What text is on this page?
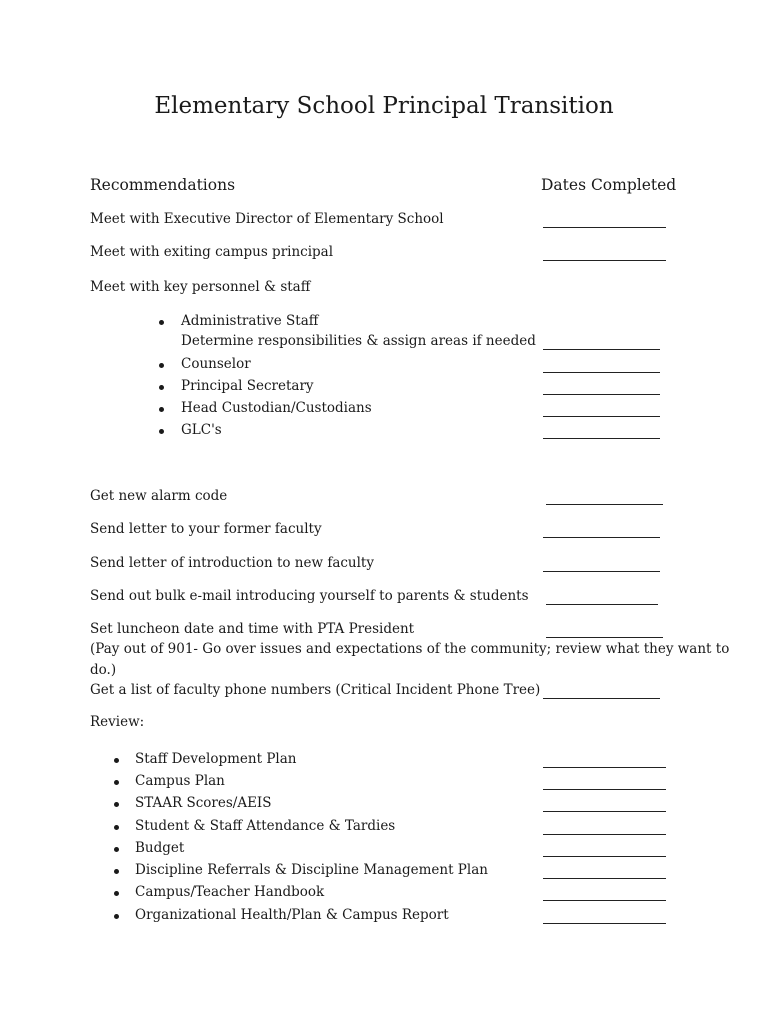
Elementary School Principal Transition
Recommendations	Dates Completed
Meet with Executive Director of Elementary School
Meet with exiting campus principal
Meet with key personnel & staff
Administrative Staff
Determine responsibilities & assign areas if needed
Counselor
Principal Secretary
Head Custodian/Custodians
GLC's
Get new alarm code
Send letter to your former faculty
Send letter of introduction to new faculty
Send out bulk e-mail introducing yourself to parents & students
Set luncheon date and time with PTA President
(Pay out of 901- Go over issues and expectations of the community; review what they want to
do.)
Get a list of faculty phone numbers (Critical Incident Phone Tree)
Review:
Staff Development Plan
Campus Plan
STAAR Scores/AEIS
Student & Staff Attendance & Tardies
Budget
Discipline Referrals & Discipline Management Plan
Campus/Teacher Handbook
Organizational Health/Plan & Campus Report
